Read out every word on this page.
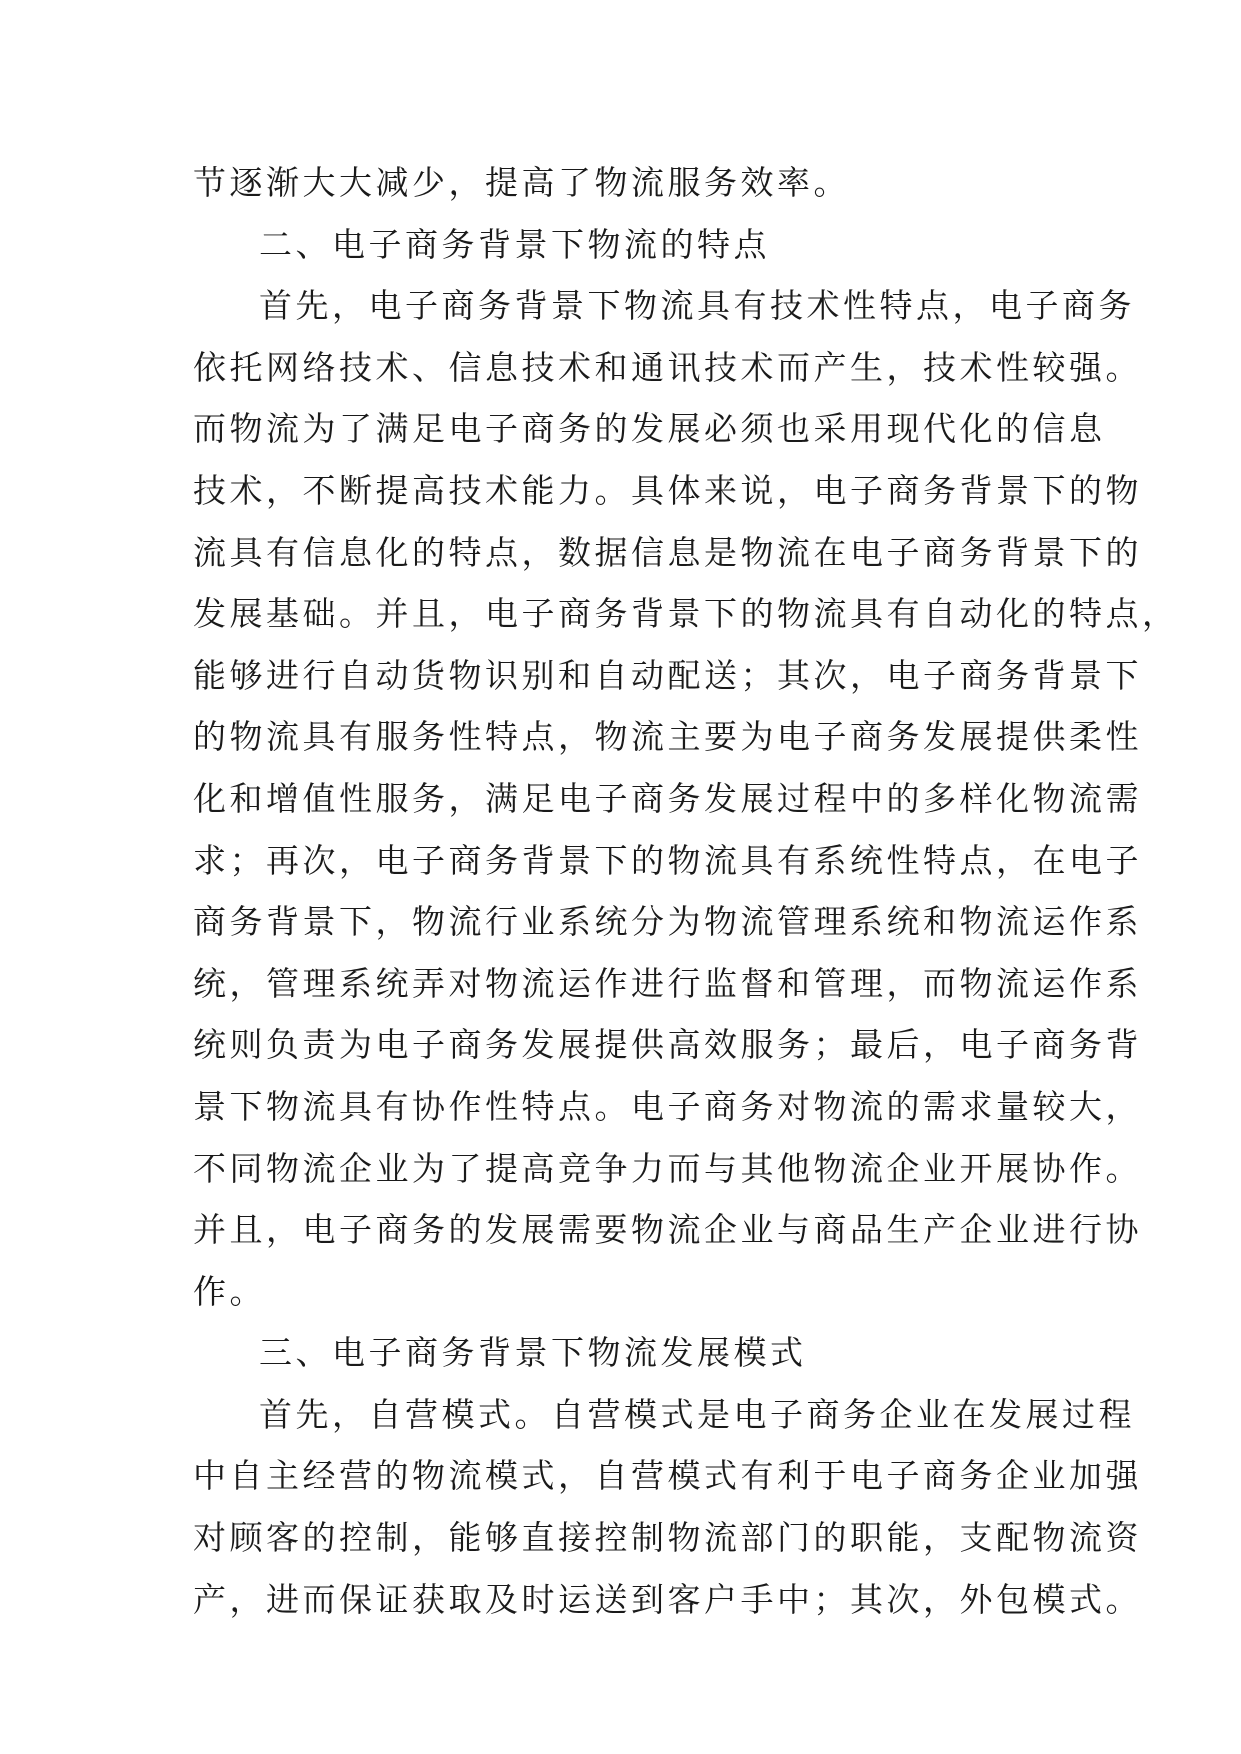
节逐渐大大减少，提高了物流服务效率。
二、电子商务背景下物流的特点
首先，电子商务背景下物流具有技术性特点，电子商务
依托网络技术、信息技术和通讯技术而产生，技术性较强。
而物流为了满足电子商务的发展必须也采用现代化的信息
技术，不断提高技术能力。具体来说，电子商务背景下的物
流具有信息化的特点，数据信息是物流在电子商务背景下的
发展基础。并且，电子商务背景下的物流具有自动化的特点，
能够进行自动货物识别和自动配送；其次，电子商务背景下
的物流具有服务性特点，物流主要为电子商务发展提供柔性
化和增值性服务，满足电子商务发展过程中的多样化物流需
求；再次，电子商务背景下的物流具有系统性特点，在电子
商务背景下，物流行业系统分为物流管理系统和物流运作系
统，管理系统弄对物流运作进行监督和管理，而物流运作系
统则负责为电子商务发展提供高效服务；最后，电子商务背
景下物流具有协作性特点。电子商务对物流的需求量较大，
不同物流企业为了提高竞争力而与其他物流企业开展协作。
并且，电子商务的发展需要物流企业与商品生产企业进行协
作。
三、电子商务背景下物流发展模式
首先，自营模式。自营模式是电子商务企业在发展过程
中自主经营的物流模式，自营模式有利于电子商务企业加强
对顾客的控制，能够直接控制物流部门的职能，支配物流资
产，进而保证获取及时运送到客户手中；其次，外包模式。
